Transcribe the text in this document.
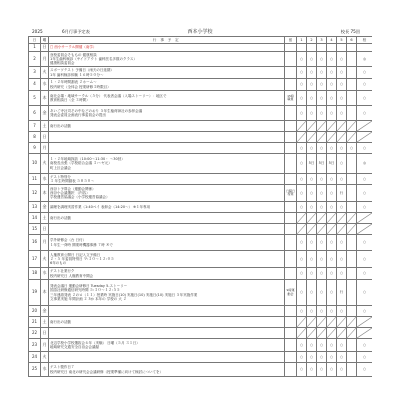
2025	6月行事予定表	西本小学校	校長 75回
日	曜	行 事 予 定	留	1	2	3	4	5	6	校
1	日	□ 西小サークル開催（南学）								

2	月	登校委員会そももの 健康相談
1年生歯科検診（サイドアウト 歯科医名多数のクラス）
健康相談委員会		○	○	○	○	○		◎
3	火	スポーツテスト 予備日（雨天の日延期）
1年 歯科検診体験 １６時５０分～		○	○	○	○	○		○
4	水	１・２年時間割表 ２ホーム～
校内研究（全体会 授業研修３時限目）		○	○	○	○	○		○
5	木	南北会場・地域サークル（５分） 代表者会議（入場ストーリー）：地区で
教育相談日（全 ３時間）	15時 職員	○	○	○	○	○		○
6	金	あいご寺社司その中などのおり ５年生稲荷神社の参拝会議
発表会委員企画表行事委員会の提出		○	○	○	○	○		○
7	土	南行出の活動

8	日			

9	月			○	○	○	○	○	○	○
10	火	１・２年地域探訪（10:00～11:30・ ～30回）
南校長出張（学校総合会議 ３:～ゼ元）
町上区会議会		○	5日	5日	5日	○		◎
11	水	ゲスト特別分
３ 年生時間割表 ５８５０～		○	○	○	○	○		○
12	木	西谷ト予算会（運動会関係）
西谷小会議選択 （内容）
学校運営協議会（小学校運営協議会）	日曜日 授業	○	○	○	○	行		○
13	金	調理を調理実習作業（1:40ペイ 表彰会（14:20～） ※１年専用		○	○	○	○	○		○
14	土	南行出の活動

15	日			

16	月	学外研修会（台 日付）
１年生一斉時 開業時機器事務 ７時 ８で		○	○	○	○	○		○
17	火	人権教育公開日 日記入文予備日
２・５ 年委員特別日 ９:３０～１２:０５
6年のもの		○	○	○	○	○		○
18	水	ゲスト社業行ク
校内研究日 人権教育中間会		○	○	○	○	○		○
19	木	発表会議日 運動会研修日 Tuesday 5-ストーリー
国語社研修通信研究時間 ５:３０～１２:５５
三年連絡発表 ２のロ（１１）授業時 実施日(10) 実施日(10) 実施日(10) 実施日 ５年実施作業
文事業実施 年間計画 ２ 3か 本年の 学校の 大 ２	9時運動会	○	○	○	○	行		○
20	金			○	○	○	○	○		○
21	土	南行出の活動

22	日			

23	月	北辺学校小学校選抜会６年（実験） 日曜（５月 ３１日）
地域研究交通安全自治会会議録		○	○	○	○	○		○
24	火			○	○	○	○	○		○
25	水	ゲスト製作日７
校内研究日 南北の研究会会議研修（授業準備に向けて検討についてを）		○	○	○	○	○		○
